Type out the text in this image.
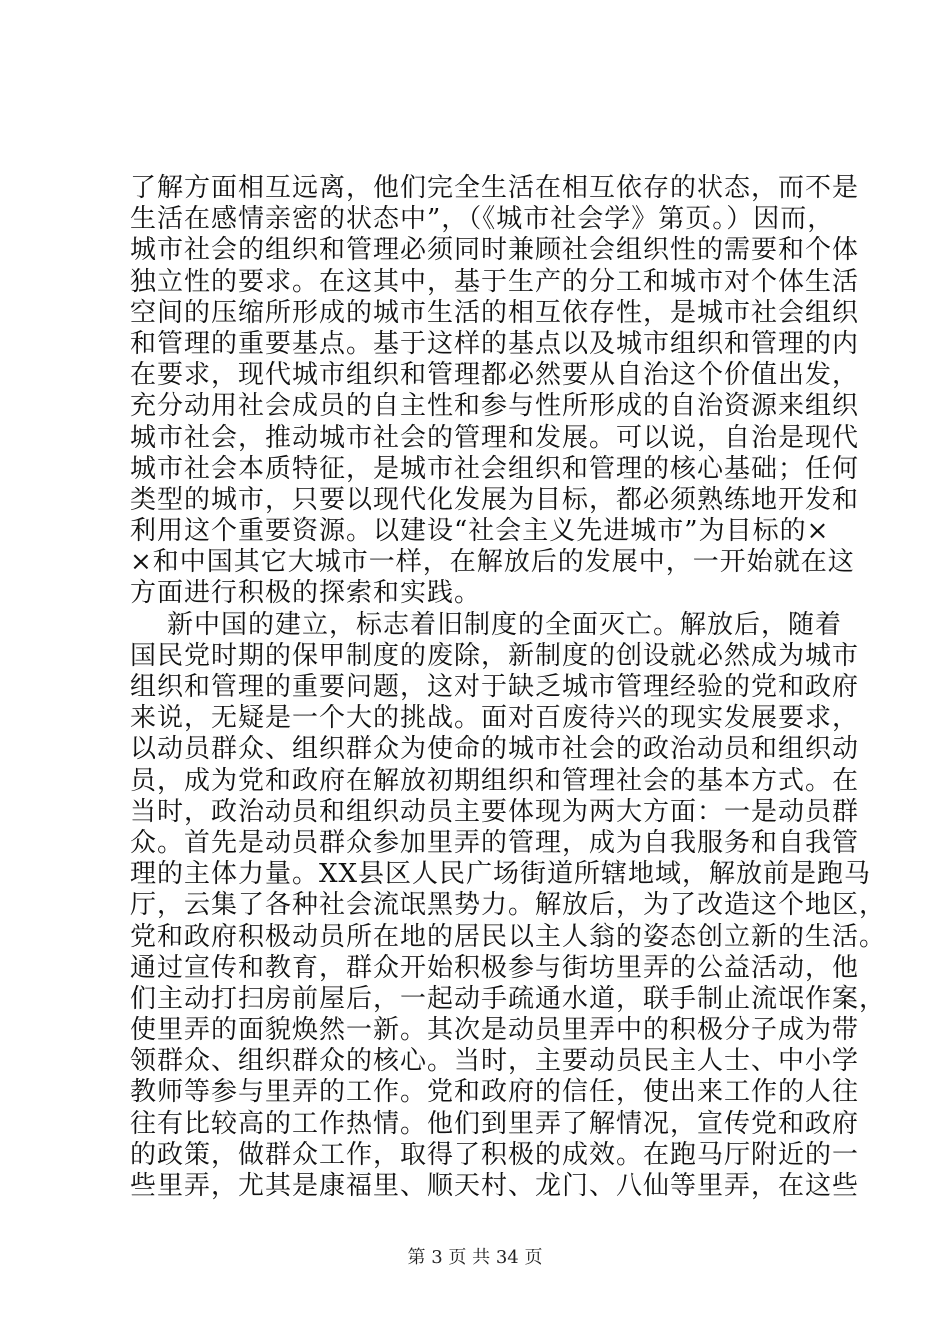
了解方面相互远离，他们完全生活在相互依存的状态，而不是
生活在感情亲密的状态中”，（《城市社会学》第页。）因而，
城市社会的组织和管理必须同时兼顾社会组织性的需要和个体
独立性的要求。在这其中，基于生产的分工和城市对个体生活
空间的压缩所形成的城市生活的相互依存性，是城市社会组织
和管理的重要基点。基于这样的基点以及城市组织和管理的内
在要求，现代城市组织和管理都必然要从自治这个价值出发，
充分动用社会成员的自主性和参与性所形成的自治资源来组织
城市社会，推动城市社会的管理和发展。可以说，自治是现代
城市社会本质特征，是城市社会组织和管理的核心基础；任何
类型的城市，只要以现代化发展为目标，都必须熟练地开发和
利用这个重要资源。以建设“社会主义先进城市”为目标的×
×和中国其它大城市一样，在解放后的发展中，一开始就在这
方面进行积极的探索和实践。
新中国的建立，标志着旧制度的全面灭亡。解放后，随着
国民党时期的保甲制度的废除，新制度的创设就必然成为城市
组织和管理的重要问题，这对于缺乏城市管理经验的党和政府
来说，无疑是一个大的挑战。面对百废待兴的现实发展要求，
以动员群众、组织群众为使命的城市社会的政治动员和组织动
员，成为党和政府在解放初期组织和管理社会的基本方式。在
当时，政治动员和组织动员主要体现为两大方面：一是动员群
众。首先是动员群众参加里弄的管理，成为自我服务和自我管
理的主体力量。XX县区人民广场街道所辖地域，解放前是跑马
厅，云集了各种社会流氓黑势力。解放后，为了改造这个地区，
党和政府积极动员所在地的居民以主人翁的姿态创立新的生活。
通过宣传和教育，群众开始积极参与街坊里弄的公益活动，他
们主动打扫房前屋后，一起动手疏通水道，联手制止流氓作案，
使里弄的面貌焕然一新。其次是动员里弄中的积极分子成为带
领群众、组织群众的核心。当时，主要动员民主人士、中小学
教师等参与里弄的工作。党和政府的信任，使出来工作的人往
往有比较高的工作热情。他们到里弄了解情况，宣传党和政府
的政策，做群众工作，取得了积极的成效。在跑马厅附近的一
些里弄，尤其是康福里、顺天村、龙门、八仙等里弄，在这些
第 3 页 共 34 页
